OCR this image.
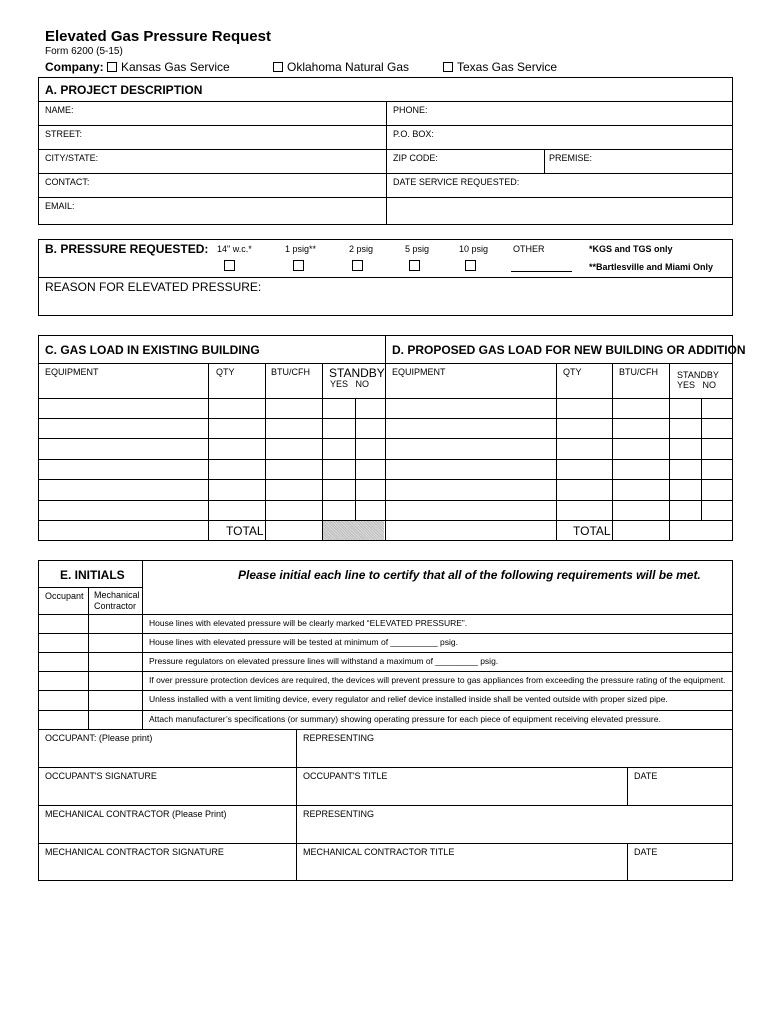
Elevated Gas Pressure Request
Form 6200 (5-15)
Company: Kansas Gas Service	Oklahoma Natural Gas	Texas Gas Service
A. PROJECT DESCRIPTION
NAME:	PHONE:
STREET:	P.O. BOX:
CITY/STATE:	ZIP CODE:	PREMISE:
CONTACT:	DATE SERVICE REQUESTED:
EMAIL:
B. PRESSURE REQUESTED: 14" w.c.*	1 psig**	2 psig	5 psig	10 psig	OTHER	*KGS and TGS only
**Bartlesville and Miami Only
REASON FOR ELEVATED PRESSURE:
C. GAS LOAD IN EXISTING BUILDING	D. PROPOSED GAS LOAD FOR NEW BUILDING OR ADDITION
EQUIPMENT	QTY	BTU/CFH STANDBY
YES   NO
EQUIPMENT	QTY	BTU/CFH STANDBY
YES   NO
TOTAL	TOTAL
E. INITIALS	Please initial each line to certify that all of the following requirements will be met.
Occupant Mechanical
Contractor
House lines with elevated pressure will be clearly marked “ELEVATED PRESSURE”.
House lines with elevated pressure will be tested at minimum of __________ psig.
Pressure regulators on elevated pressure lines will withstand a maximum of _________ psig.
If over pressure protection devices are required, the devices will prevent pressure to gas appliances from exceeding the pressure rating of the equipment.
Unless installed with a vent limiting device, every regulator and relief device installed inside shall be vented outside with proper sized pipe.
Attach manufacturer’s specifications (or summary) showing operating pressure for each piece of equipment receiving elevated pressure.
OCCUPANT: (Please print)	REPRESENTING
OCCUPANT'S SIGNATURE	OCCUPANT'S TITLE	DATE
MECHANICAL CONTRACTOR (Please Print)	REPRESENTING
MECHANICAL CONTRACTOR SIGNATURE	MECHANICAL CONTRACTOR TITLE	DATE
